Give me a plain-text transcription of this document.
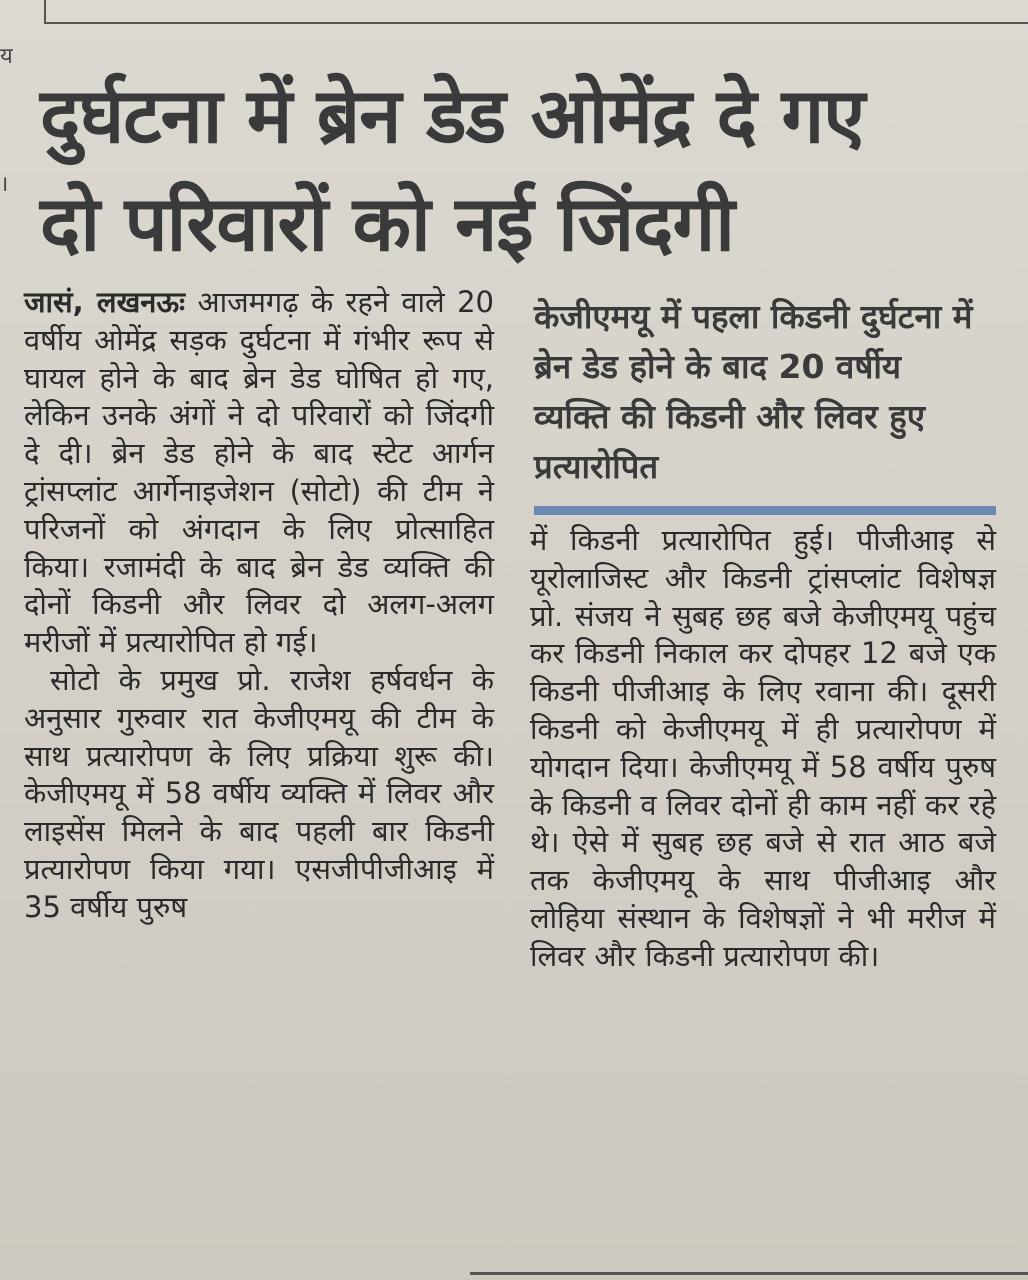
य
।
दुर्घटना में ब्रेन डेड ओमेंद्र दे गए
दो परिवारों को नई जिंदगी

जासं, लखनऊः आजमगढ़ के रहने वाले 20 वर्षीय ओमेंद्र सड़क दुर्घटना में गंभीर रूप से घायल होने के बाद ब्रेन डेड घोषित हो गए, लेकिन उनके अंगों ने दो परिवारों को जिंदगी दे दी। ब्रेन डेड होने के बाद स्टेट आर्गन ट्रांसप्लांट आर्गेनाइजेशन (सोटो) की टीम ने परिजनों को अंगदान के लिए प्रोत्साहित किया। रजामंदी के बाद ब्रेन डेड व्यक्ति की दोनों किडनी और लिवर दो अलग-अलग मरीजों में प्रत्यारोपित हो गई।

सोटो के प्रमुख प्रो. राजेश हर्षवर्धन के अनुसार गुरुवार रात केजीएमयू की टीम के साथ प्रत्यारोपण के लिए प्रक्रिया शुरू की। केजीएमयू में 58 वर्षीय व्यक्ति में लिवर और लाइसेंस मिलने के बाद पहली बार किडनी प्रत्यारोपण किया गया। एसजीपीजीआइ में 35 वर्षीय पुरुष

केजीएमयू में पहला किडनी दुर्घटना में ब्रेन डेड होने के बाद 20 वर्षीय व्यक्ति की किडनी और लिवर हुए प्रत्यारोपित

में किडनी प्रत्यारोपित हुई। पीजीआइ से यूरोलाजिस्ट और किडनी ट्रांसप्लांट विशेषज्ञ प्रो. संजय ने सुबह छह बजे केजीएमयू पहुंच कर किडनी निकाल कर दोपहर 12 बजे एक किडनी पीजीआइ के लिए रवाना की। दूसरी किडनी को केजीएमयू में ही प्रत्यारोपण में योगदान दिया। केजीएमयू में 58 वर्षीय पुरुष के किडनी व लिवर दोनों ही काम नहीं कर रहे थे। ऐसे में सुबह छह बजे से रात आठ बजे तक केजीएमयू के साथ पीजीआइ और लोहिया संस्थान के विशेषज्ञों ने भी मरीज में लिवर और किडनी प्रत्यारोपण की।
